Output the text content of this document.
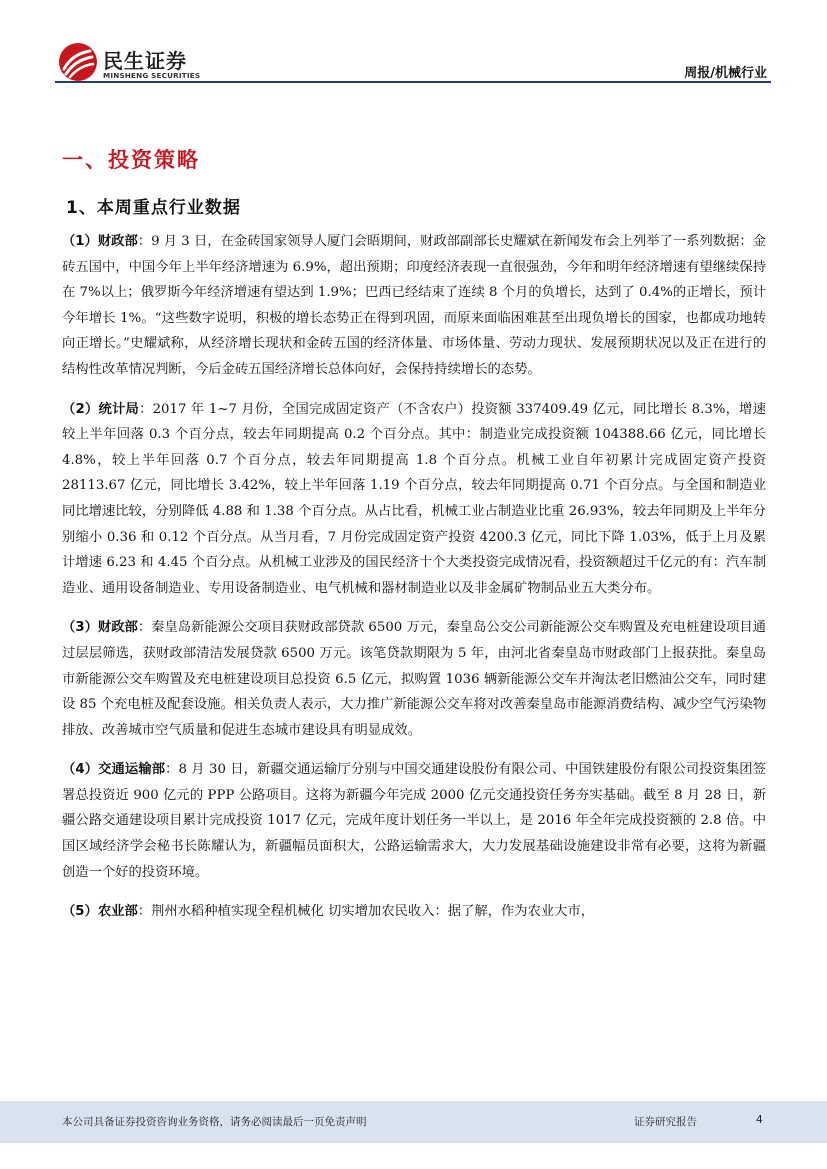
民生证券
MINSHENG SECURITIES	周报/机械行业
一、投资策略
1、本周重点行业数据

（1）财政部：9 月 3 日，在金砖国家领导人厦门会晤期间，财政部副部长史耀斌在新闻发布会上列举了一系列数据：金砖五国中，中国今年上半年经济增速为 6.9%，超出预期；印度经济表现一直很强劲，今年和明年经济增速有望继续保持在 7%以上；俄罗斯今年经济增速有望达到 1.9%；巴西已经结束了连续 8 个月的负增长，达到了 0.4%的正增长，预计今年增长 1%。“这些数字说明，积极的增长态势正在得到巩固，而原来面临困难甚至出现负增长的国家，也都成功地转向正增长。”史耀斌称，从经济增长现状和金砖五国的经济体量、市场体量、劳动力现状、发展预期状况以及正在进行的结构性改革情况判断，今后金砖五国经济增长总体向好，会保持持续增长的态势。

（2）统计局：2017 年 1~7 月份，全国完成固定资产（不含农户）投资额 337409.49 亿元，同比增长 8.3%，增速较上半年回落 0.3 个百分点，较去年同期提高 0.2 个百分点。其中：制造业完成投资额 104388.66 亿元，同比增长 4.8%，较上半年回落 0.7 个百分点，较去年同期提高 1.8 个百分点。机械工业自年初累计完成固定资产投资 28113.67 亿元，同比增长 3.42%，较上半年回落 1.19 个百分点，较去年同期提高 0.71 个百分点。与全国和制造业同比增速比较，分别降低 4.88 和 1.38 个百分点。从占比看，机械工业占制造业比重 26.93%，较去年同期及上半年分别缩小 0.36 和 0.12 个百分点。从当月看，7 月份完成固定资产投资 4200.3 亿元，同比下降 1.03%，低于上月及累计增速 6.23 和 4.45 个百分点。从机械工业涉及的国民经济十个大类投资完成情况看，投资额超过千亿元的有：汽车制造业、通用设备制造业、专用设备制造业、电气机械和器材制造业以及非金属矿物制品业五大类分布。

（3）财政部：秦皇岛新能源公交项目获财政部贷款 6500 万元，秦皇岛公交公司新能源公交车购置及充电桩建设项目通过层层筛选，获财政部清洁发展贷款 6500 万元。该笔贷款期限为 5 年，由河北省秦皇岛市财政部门上报获批。秦皇岛市新能源公交车购置及充电桩建设项目总投资 6.5 亿元，拟购置 1036 辆新能源公交车并淘汰老旧燃油公交车，同时建设 85 个充电桩及配套设施。相关负责人表示，大力推广新能源公交车将对改善秦皇岛市能源消费结构、减少空气污染物排放、改善城市空气质量和促进生态城市建设具有明显成效。

（4）交通运输部：8 月 30 日，新疆交通运输厅分别与中国交通建设股份有限公司、中国铁建股份有限公司投资集团签署总投资近 900 亿元的 PPP 公路项目。这将为新疆今年完成 2000 亿元交通投资任务夯实基础。截至 8 月 28 日，新疆公路交通建设项目累计完成投资 1017 亿元，完成年度计划任务一半以上，是 2016 年全年完成投资额的 2.8 倍。中国区域经济学会秘书长陈耀认为，新疆幅员面积大，公路运输需求大，大力发展基础设施建设非常有必要，这将为新疆创造一个好的投资环境。

（5）农业部：荆州水稻种植实现全程机械化 切实增加农民收入：据了解，作为农业大市，

本公司具备证券投资咨询业务资格，请务必阅读最后一页免责声明	证券研究报告	4
